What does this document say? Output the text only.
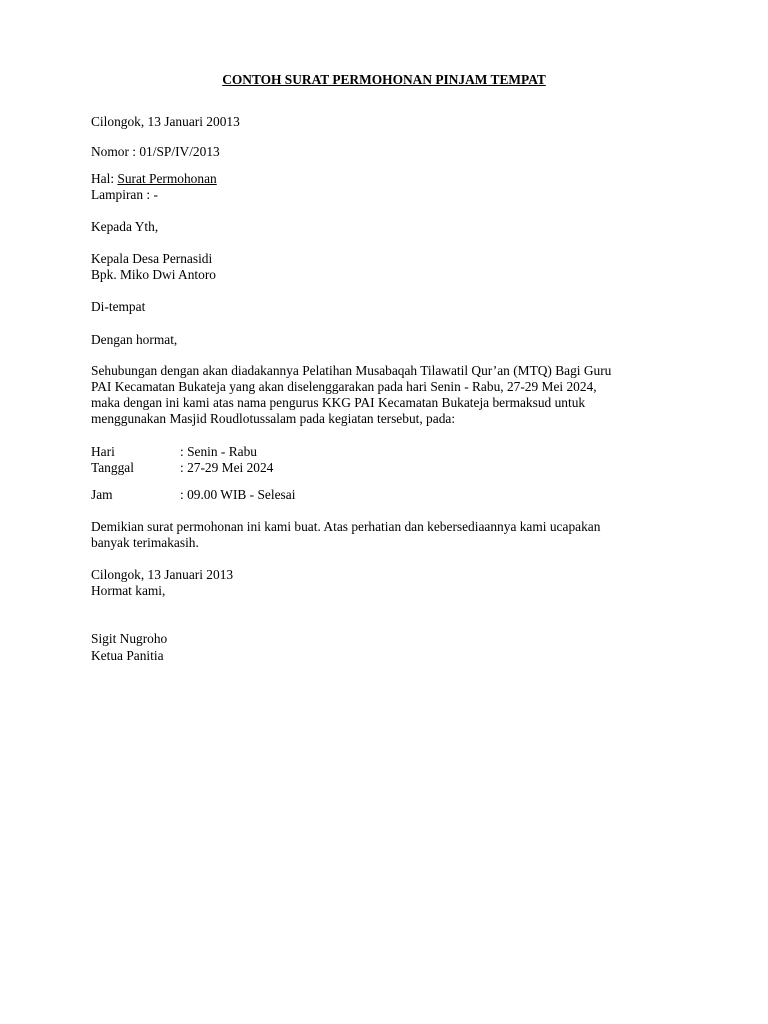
CONTOH SURAT PERMOHONAN PINJAM TEMPAT
Cilongok, 13 Januari 20013
Nomor : 01/SP/IV/2013
Hal: Surat Permohonan
Lampiran : -
Kepada Yth,
Kepala Desa Pernasidi
Bpk. Miko Dwi Antoro
Di-tempat
Dengan hormat,
Sehubungan dengan akan diadakannya Pelatihan Musabaqah Tilawatil Qur’an (MTQ) Bagi Guru
PAI Kecamatan Bukateja yang akan diselenggarakan pada hari Senin - Rabu, 27-29 Mei 2024,
maka dengan ini kami atas nama pengurus KKG PAI Kecamatan Bukateja bermaksud untuk
menggunakan Masjid Roudlotussalam pada kegiatan tersebut, pada:
Hari	: Senin - Rabu
Tanggal	: 27-29 Mei 2024
Jam	: 09.00 WIB - Selesai
Demikian surat permohonan ini kami buat. Atas perhatian dan kebersediaannya kami ucapakan
banyak terimakasih.
Cilongok, 13 Januari 2013
Hormat kami,
Sigit Nugroho
Ketua Panitia
